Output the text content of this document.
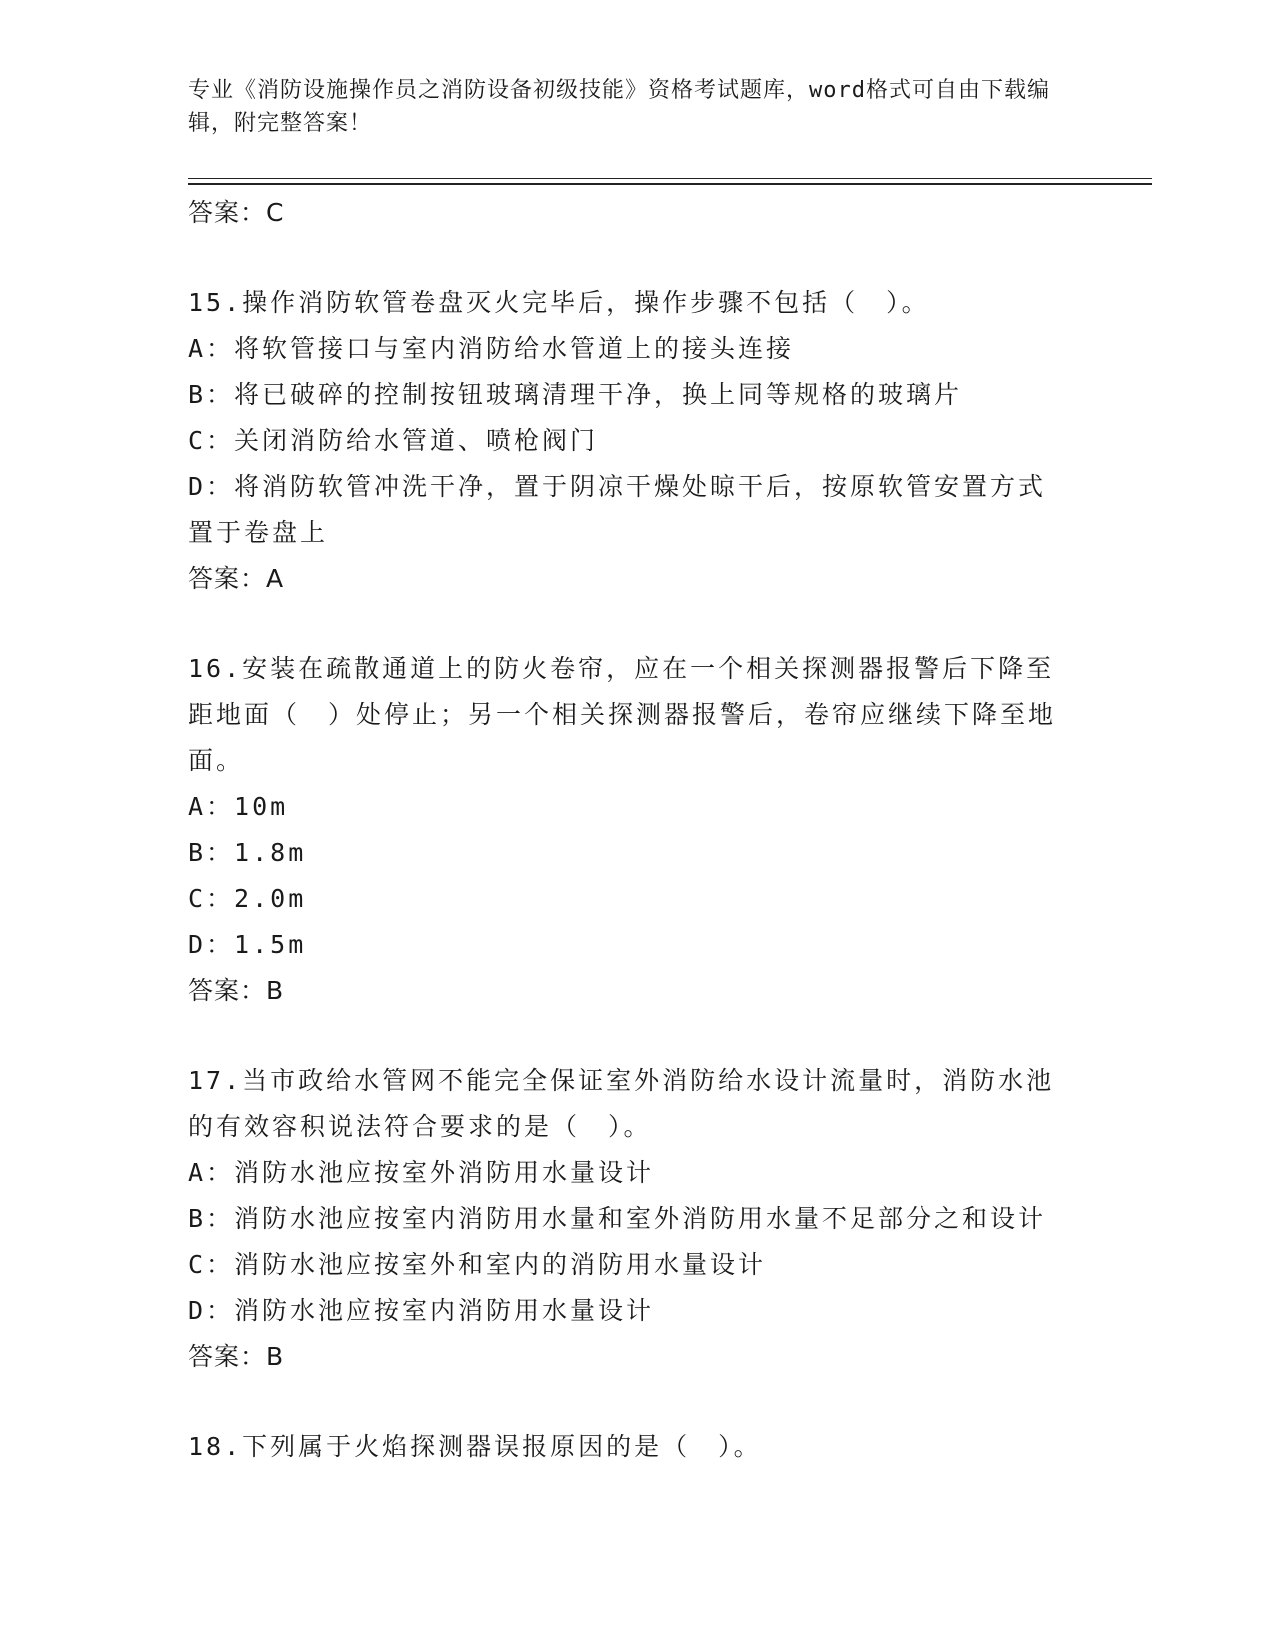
专业《消防设施操作员之消防设备初级技能》资格考试题库，word格式可自由下载编辑，附完整答案！
答案：C
15.操作消防软管卷盘灭火完毕后，操作步骤不包括（　）。
A：将软管接口与室内消防给水管道上的接头连接
B：将已破碎的控制按钮玻璃清理干净，换上同等规格的玻璃片
C：关闭消防给水管道、喷枪阀门
D：将消防软管冲洗干净，置于阴凉干燥处晾干后，按原软管安置方式置于卷盘上
答案：A
16.安装在疏散通道上的防火卷帘，应在一个相关探测器报警后下降至距地面（　）处停止；另一个相关探测器报警后，卷帘应继续下降至地面。
A：10m
B：1.8m
C：2.0m
D：1.5m
答案：B
17.当市政给水管网不能完全保证室外消防给水设计流量时，消防水池的有效容积说法符合要求的是（　）。
A：消防水池应按室外消防用水量设计
B：消防水池应按室内消防用水量和室外消防用水量不足部分之和设计
C：消防水池应按室外和室内的消防用水量设计
D：消防水池应按室内消防用水量设计
答案：B
18.下列属于火焰探测器误报原因的是（　）。
